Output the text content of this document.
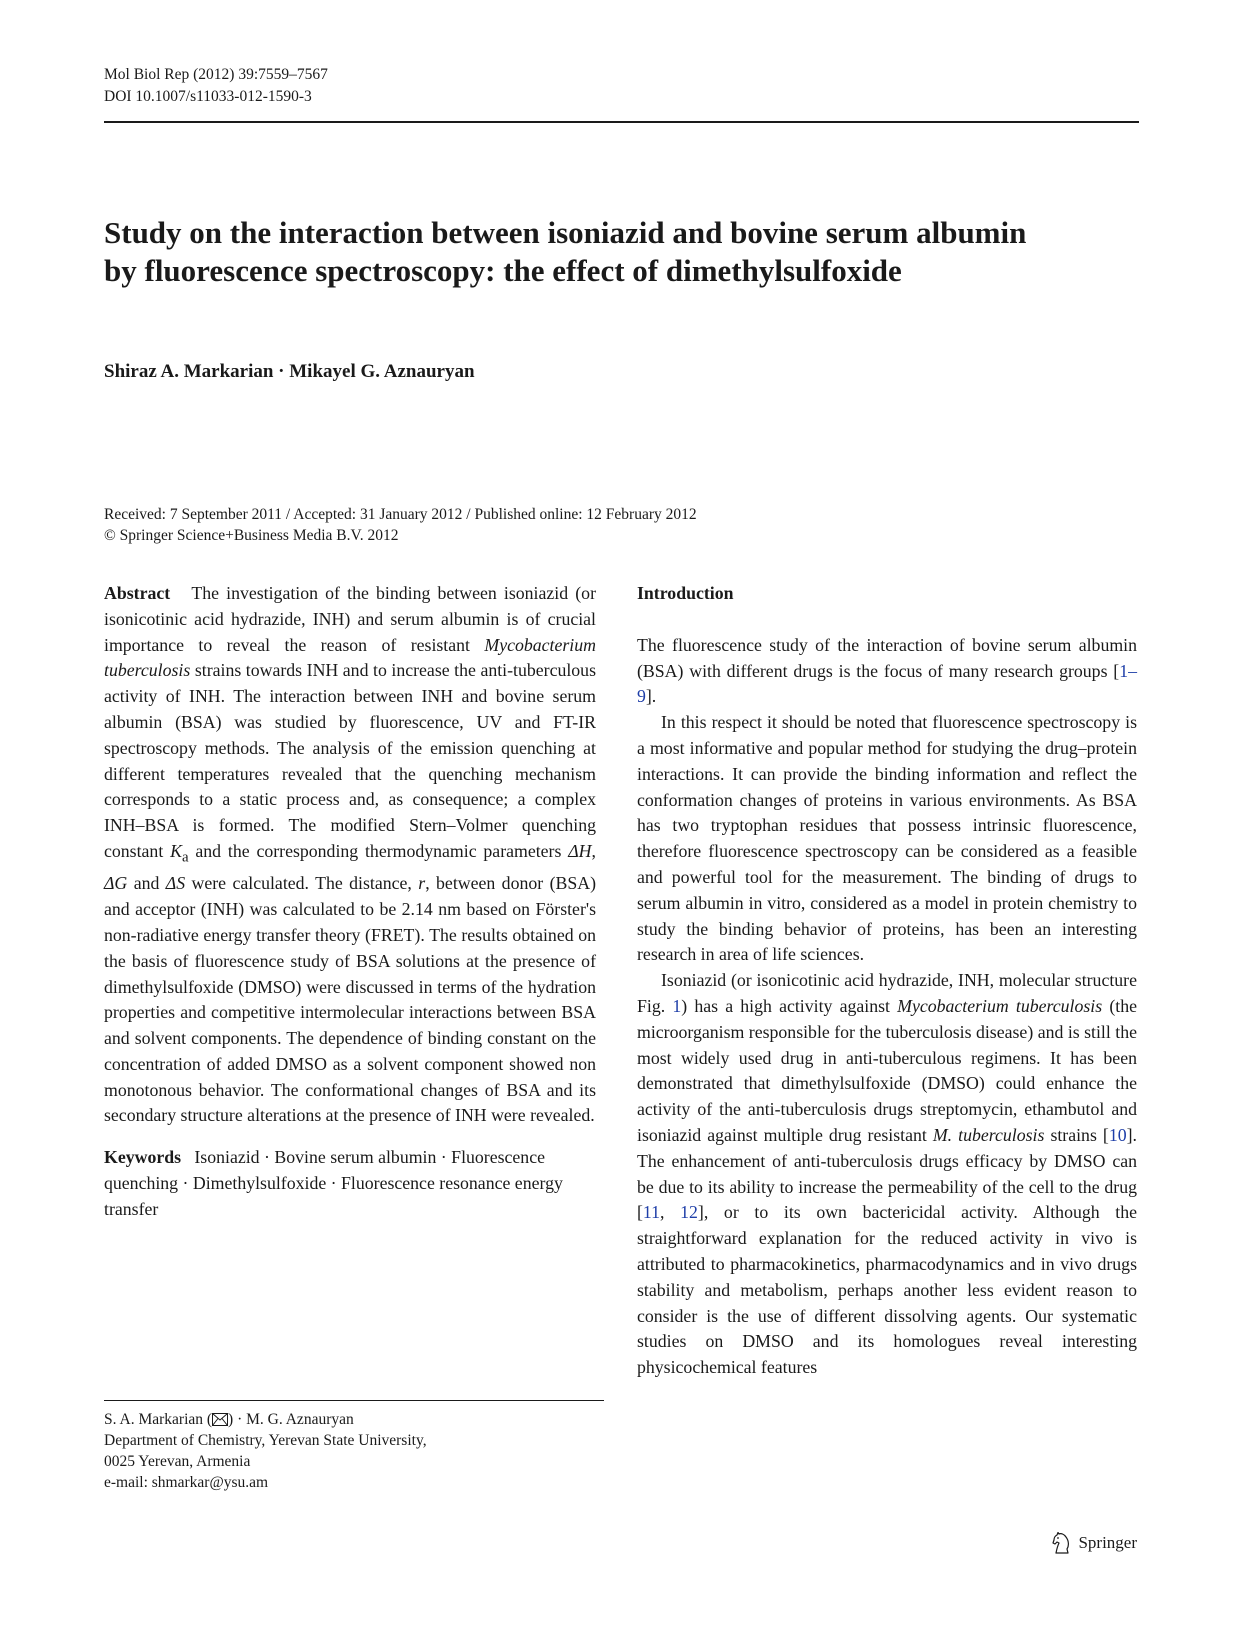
Mol Biol Rep (2012) 39:7559–7567
DOI 10.1007/s11033-012-1590-3
Study on the interaction between isoniazid and bovine serum albumin by fluorescence spectroscopy: the effect of dimethylsulfoxide
Shiraz A. Markarian · Mikayel G. Aznauryan
Received: 7 September 2011 / Accepted: 31 January 2012 / Published online: 12 February 2012
© Springer Science+Business Media B.V. 2012

Abstract The investigation of the binding between isoniazid (or isonicotinic acid hydrazide, INH) and serum albumin is of crucial importance to reveal the reason of resistant Mycobacterium tuberculosis strains towards INH and to increase the anti-tuberculous activity of INH. The interaction between INH and bovine serum albumin (BSA) was studied by fluorescence, UV and FT-IR spectroscopy methods. The analysis of the emission quenching at different temperatures revealed that the quenching mechanism corresponds to a static process and, as consequence; a complex INH–BSA is formed. The modified Stern–Volmer quenching constant $K_a$ and the corresponding thermodynamic parameters ΔH, ΔG and ΔS were calculated. The distance, r, between donor (BSA) and acceptor (INH) was calculated to be 2.14 nm based on Förster's non-radiative energy transfer theory (FRET). The results obtained on the basis of fluorescence study of BSA solutions at the presence of dimethylsulfoxide (DMSO) were discussed in terms of the hydration properties and competitive intermolecular interactions between BSA and solvent components. The dependence of binding constant on the concentration of added DMSO as a solvent component showed non monotonous behavior. The conformational changes of BSA and its secondary structure alterations at the presence of INH were revealed.

Keywords Isoniazid · Bovine serum albumin · Fluorescence quenching · Dimethylsulfoxide · Fluorescence resonance energy transfer

S. A. Markarian ( ) · M. G. Aznauryan
Department of Chemistry, Yerevan State University,
0025 Yerevan, Armenia
e-mail: shmarkar@ysu.am

Introduction

The fluorescence study of the interaction of bovine serum albumin (BSA) with different drugs is the focus of many research groups [1–9].

In this respect it should be noted that fluorescence spectroscopy is a most informative and popular method for studying the drug–protein interactions. It can provide the binding information and reflect the conformation changes of proteins in various environments. As BSA has two tryptophan residues that possess intrinsic fluorescence, therefore fluorescence spectroscopy can be considered as a feasible and powerful tool for the measurement. The binding of drugs to serum albumin in vitro, considered as a model in protein chemistry to study the binding behavior of proteins, has been an interesting research in area of life sciences.

Isoniazid (or isonicotinic acid hydrazide, INH, molecular structure Fig. 1) has a high activity against Mycobacterium tuberculosis (the microorganism responsible for the tuberculosis disease) and is still the most widely used drug in anti-tuberculous regimens. It has been demonstrated that dimethylsulfoxide (DMSO) could enhance the activity of the anti-tuberculosis drugs streptomycin, ethambutol and isoniazid against multiple drug resistant M. tuberculosis strains [10]. The enhancement of anti-tuberculosis drugs efficacy by DMSO can be due to its ability to increase the permeability of the cell to the drug [11, 12], or to its own bactericidal activity. Although the straightforward explanation for the reduced activity in vivo is attributed to pharmacokinetics, pharmacodynamics and in vivo drugs stability and metabolism, perhaps another less evident reason to consider is the use of different dissolving agents. Our systematic studies on DMSO and its homologues reveal interesting physicochemical features

Springer
